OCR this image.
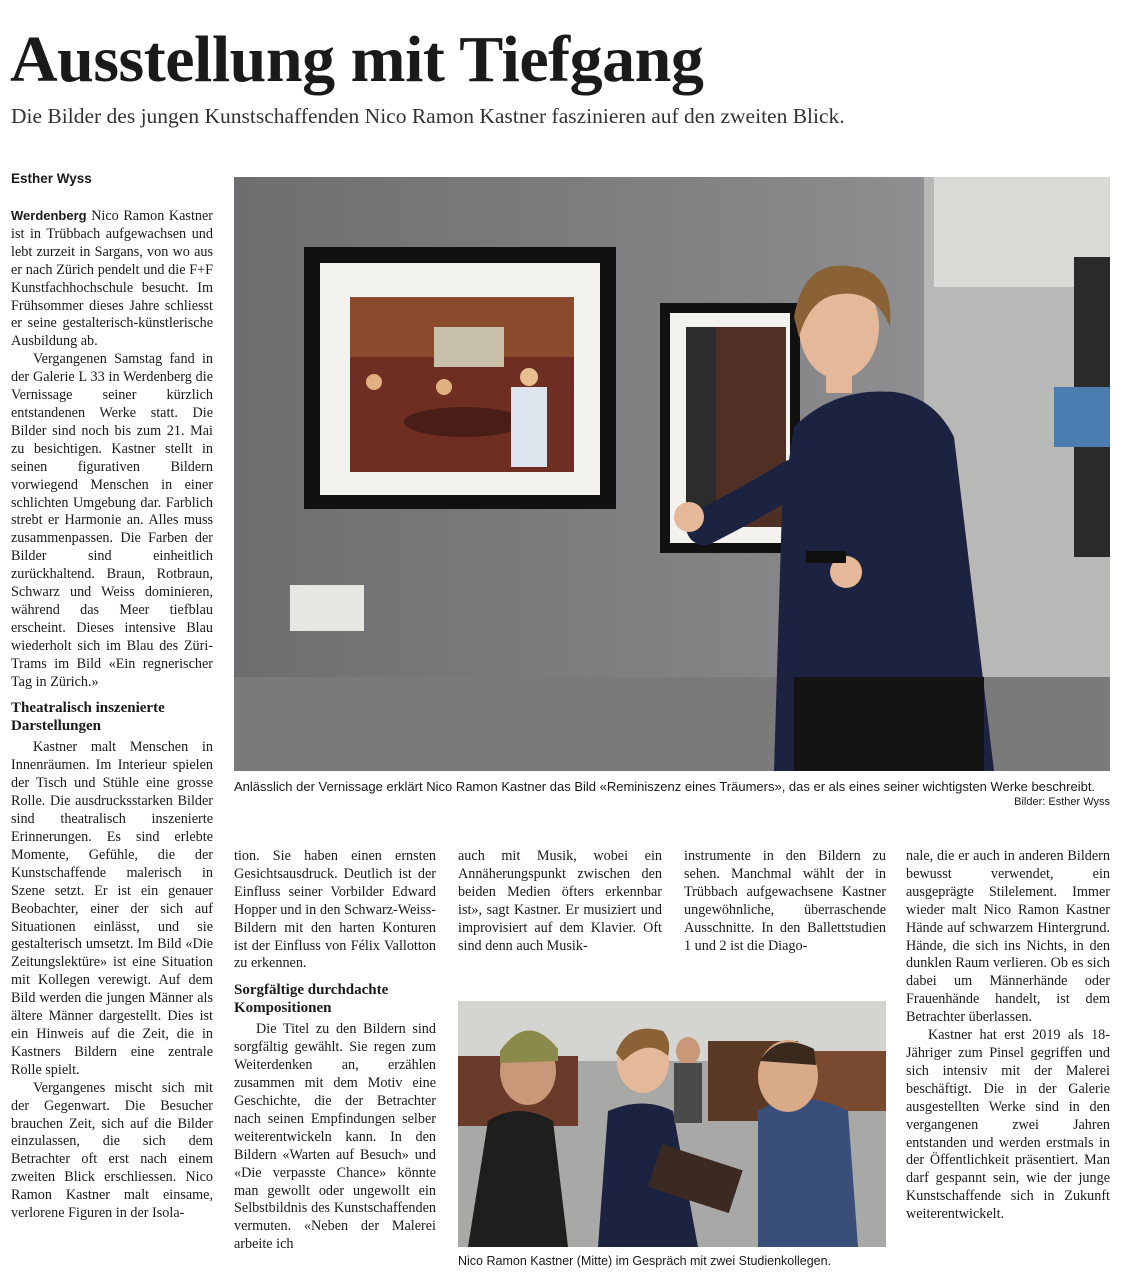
Ausstellung mit Tiefgang

Die Bilder des jungen Kunstschaffenden Nico Ramon Kastner faszinieren auf den zweiten Blick.

Esther Wyss

Werdenberg Nico Ramon Kastner ist in Trübbach aufgewachsen und lebt zurzeit in Sargans, von wo aus er nach Zürich pendelt und die F+F Kunstfachhochschule besucht. Im Frühsommer dieses Jahre schliesst er seine gestalterisch-künstlerische Ausbildung ab.

Vergangenen Samstag fand in der Galerie L 33 in Werdenberg die Vernissage seiner kürzlich entstandenen Werke statt. Die Bilder sind noch bis zum 21. Mai zu besichtigen. Kastner stellt in seinen figurativen Bildern vorwiegend Menschen in einer schlichten Umgebung dar. Farblich strebt er Harmonie an. Alles muss zusammenpassen. Die Farben der Bilder sind einheitlich zurückhaltend. Braun, Rotbraun, Schwarz und Weiss dominieren, während das Meer tiefblau erscheint. Dieses intensive Blau wiederholt sich im Blau des Züri-Trams im Bild «Ein regnerischer Tag in Zürich.»

Theatralisch inszenierte Darstellungen

Kastner malt Menschen in Innenräumen. Im Interieur spielen der Tisch und Stühle eine grosse Rolle. Die ausdrucksstarken Bilder sind theatralisch inszenierte Erinnerungen. Es sind erlebte Momente, Gefühle, die der Kunstschaffende malerisch in Szene setzt. Er ist ein genauer Beobachter, einer der sich auf Situationen einlässt, und sie gestalterisch umsetzt. Im Bild «Die Zeitungslektüre» ist eine Situation mit Kollegen verewigt. Auf dem Bild werden die jungen Männer als ältere Männer dargestellt. Dies ist ein Hinweis auf die Zeit, die in Kastners Bildern eine zentrale Rolle spielt.

Vergangenes mischt sich mit der Gegenwart. Die Besucher brauchen Zeit, sich auf die Bilder einzulassen, die sich dem Betrachter oft erst nach einem zweiten Blick erschliessen. Nico Ramon Kastner malt einsame, verlorene Figuren in der Isola-

Anlässlich der Vernissage erklärt Nico Ramon Kastner das Bild «Reminiszenz eines Träumers», das er als eines seiner wichtigsten Werke beschreibt.
Bilder: Esther Wyss

tion. Sie haben einen ernsten Gesichtsausdruck. Deutlich ist der Einfluss seiner Vorbilder Edward Hopper und in den Schwarz-Weiss-Bildern mit den harten Konturen ist der Einfluss von Félix Vallotton zu erkennen.

Sorgfältige durchdachte Kompositionen

Die Titel zu den Bildern sind sorgfältig gewählt. Sie regen zum Weiterdenken an, erzählen zusammen mit dem Motiv eine Geschichte, die der Betrachter nach seinen Empfindungen selber weiterentwickeln kann. In den Bildern «Warten auf Besuch» und «Die verpasste Chance» könnte man gewollt oder ungewollt ein Selbstbildnis des Kunstschaffenden vermuten. «Neben der Malerei arbeite ich

auch mit Musik, wobei ein Annäherungspunkt zwischen den beiden Medien öfters erkennbar ist», sagt Kastner. Er musiziert und improvisiert auf dem Klavier. Oft sind denn auch Musik-

instrumente in den Bildern zu sehen. Manchmal wählt der in Trübbach aufgewachsene Kastner ungewöhnliche, überraschende Ausschnitte. In den Ballettstudien 1 und 2 ist die Diago-

Nico Ramon Kastner (Mitte) im Gespräch mit zwei Studienkollegen.

nale, die er auch in anderen Bildern bewusst verwendet, ein ausgeprägte Stilelement. Immer wieder malt Nico Ramon Kastner Hände auf schwarzem Hintergrund. Hände, die sich ins Nichts, in den dunklen Raum verlieren. Ob es sich dabei um Männerhände oder Frauenhände handelt, ist dem Betrachter überlassen.

Kastner hat erst 2019 als 18-Jähriger zum Pinsel gegriffen und sich intensiv mit der Malerei beschäftigt. Die in der Galerie ausgestellten Werke sind in den vergangenen zwei Jahren entstanden und werden erstmals in der Öffentlichkeit präsentiert. Man darf gespannt sein, wie der junge Kunstschaffende sich in Zukunft weiterentwickelt.
